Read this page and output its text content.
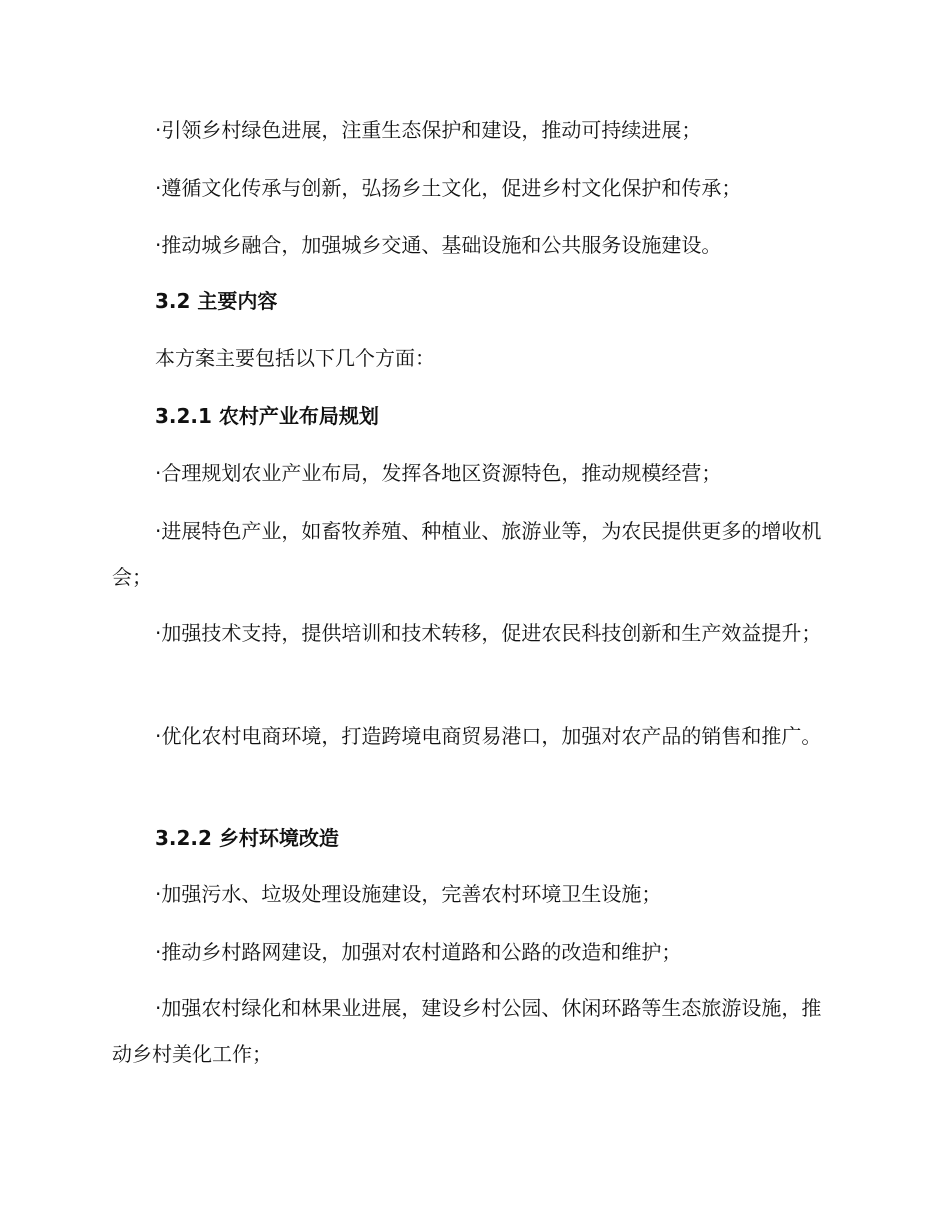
·引领乡村绿色进展，注重生态保护和建设，推动可持续进展；

·遵循文化传承与创新，弘扬乡土文化，促进乡村文化保护和传承；

·推动城乡融合，加强城乡交通、基础设施和公共服务设施建设。

3.2 主要内容

本方案主要包括以下几个方面：

3.2.1 农村产业布局规划

·合理规划农业产业布局，发挥各地区资源特色，推动规模经营；

·进展特色产业，如畜牧养殖、种植业、旅游业等，为农民提供更多的增收机会；

·加强技术支持，提供培训和技术转移，促进农民科技创新和生产效益提升；

·优化农村电商环境，打造跨境电商贸易港口，加强对农产品的销售和推广。

3.2.2 乡村环境改造

·加强污水、垃圾处理设施建设，完善农村环境卫生设施；

·推动乡村路网建设，加强对农村道路和公路的改造和维护；

·加强农村绿化和林果业进展，建设乡村公园、休闲环路等生态旅游设施，推动乡村美化工作；
